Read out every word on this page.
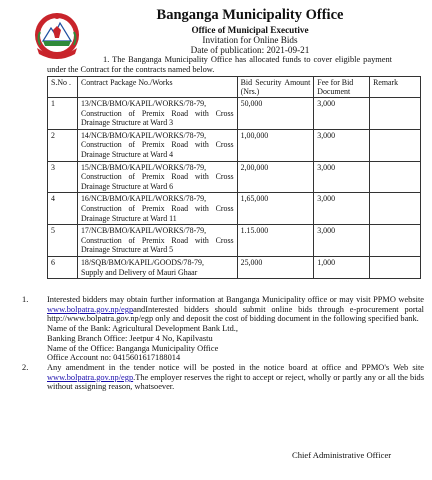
Banganga Municipality Office
Office of Municipal Executive
Invitation for Online Bids
Date of publication: 2021-09-21
1. The Banganga Municipality Office has allocated funds to cover eligible payment under the Contract for the contracts named below.
S.No .	Contract Package No./Works	Bid Security Amount (Nrs.)	Fee for Bid Document	Remark
1	13/NCB/BMO/KAPIL/WORKS/78-79,
Construction of Premix Road with Cross Drainage Structure at Ward 3	50,000	3,000	
2	14/NCB/BMO/KAPIL/WORKS/78-79,
Construction of Premix Road with Cross Drainage Structure at Ward 4	1,00,000	3,000	
3	15/NCB/BMO/KAPIL/WORKS/78-79,
Construction of Premix Road with Cross Drainage Structure at Ward 6	2,00,000	3,000	
4	16/NCB/BMO/KAPIL/WORKS/78-79,
Construction of Premix Road with Cross Drainage Structure at Ward 11	1,65,000	3,000	
5	17/NCB/BMO/KAPIL/WORKS/78-79,
Construction of Premix Road with Cross Drainage Structure at Ward 5	1.15.000	3,000	
6	18/SQB/BMO/KAPIL/GOODS/78-79,
Supply and Delivery of Mauri Ghaar	25,000	1,000	
1. Interested bidders may obtain further information at Banganga Municipality office or may visit PPMO website www.bolpatra.gov.np/egpandInterested bidders should submit online bids through e-procurement portal http://www.bolpatra.gov.np/egp only and deposit the cost of bidding document in the following specified bank.
Name of the Bank: Agricultural Development Bank Ltd.,
Banking Branch Office: Jeetpur 4 No, Kapilvastu
Name of the Office: Banganga Municipality Office
Office Account no: 0415601617188014
2. Any amendment in the tender notice will be posted in the notice board at office and PPMO's Web site www.bolpatra.gov.np/egp.The employer reserves the right to accept or reject, wholly or partly any or all the bids without assigning reason, whatsoever.
Chief Administrative Officer
